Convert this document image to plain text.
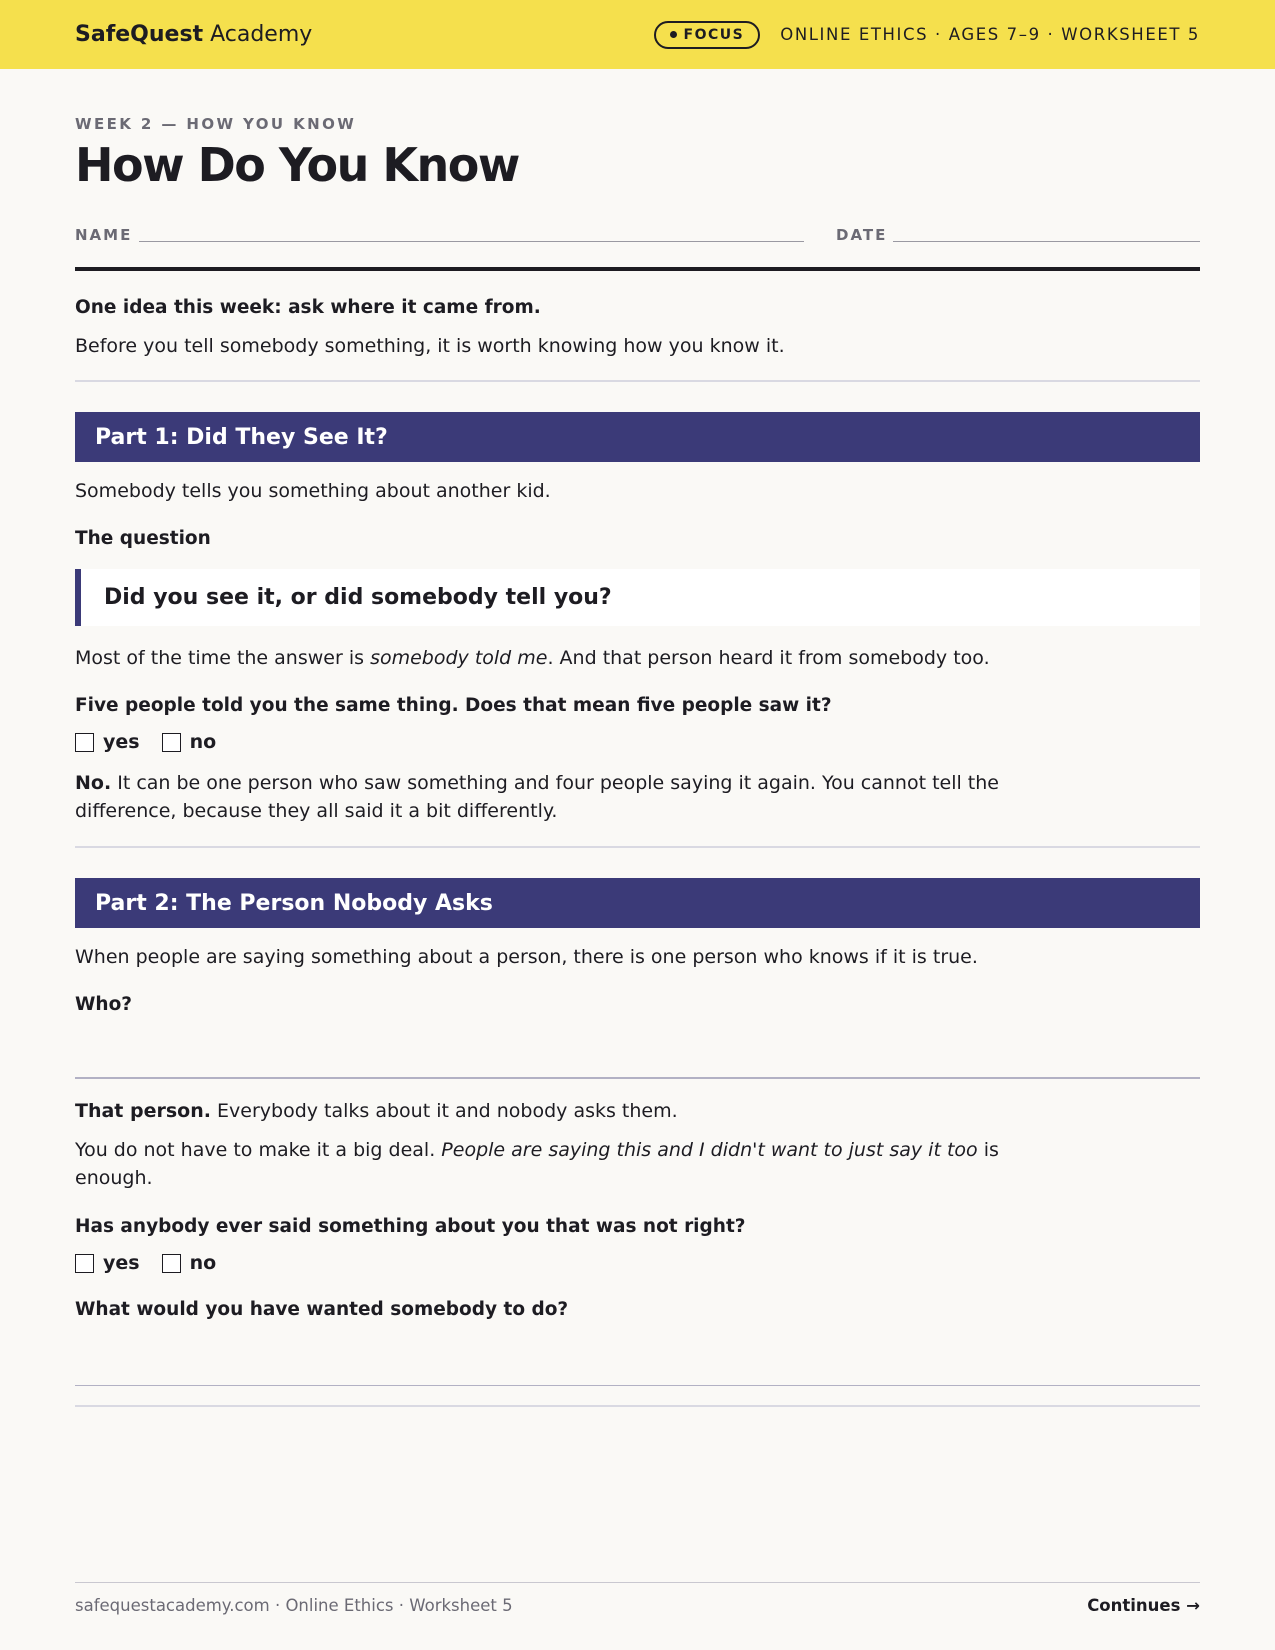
SafeQuest Academy	FOCUS ONLINE ETHICS · AGES 7–9 · WORKSHEET 5
WEEK 2 — HOW YOU KNOW
How Do You Know
NAME	DATE
One idea this week: ask where it came from.
Before you tell somebody something, it is worth knowing how you know it.
Part 1: Did They See It?
Somebody tells you something about another kid.
The question
Did you see it, or did somebody tell you?
Most of the time the answer is somebody told me. And that person heard it from somebody too.
Five people told you the same thing. Does that mean five people saw it?
yes	no
No. It can be one person who saw something and four people saying it again. You cannot tell the
difference, because they all said it a bit differently.
Part 2: The Person Nobody Asks
When people are saying something about a person, there is one person who knows if it is true.
Who?
That person. Everybody talks about it and nobody asks them.
You do not have to make it a big deal. People are saying this and I didn't want to just say it too is
enough.
Has anybody ever said something about you that was not right?
yes	no
What would you have wanted somebody to do?
safequestacademy.com · Online Ethics · Worksheet 5	Continues →
